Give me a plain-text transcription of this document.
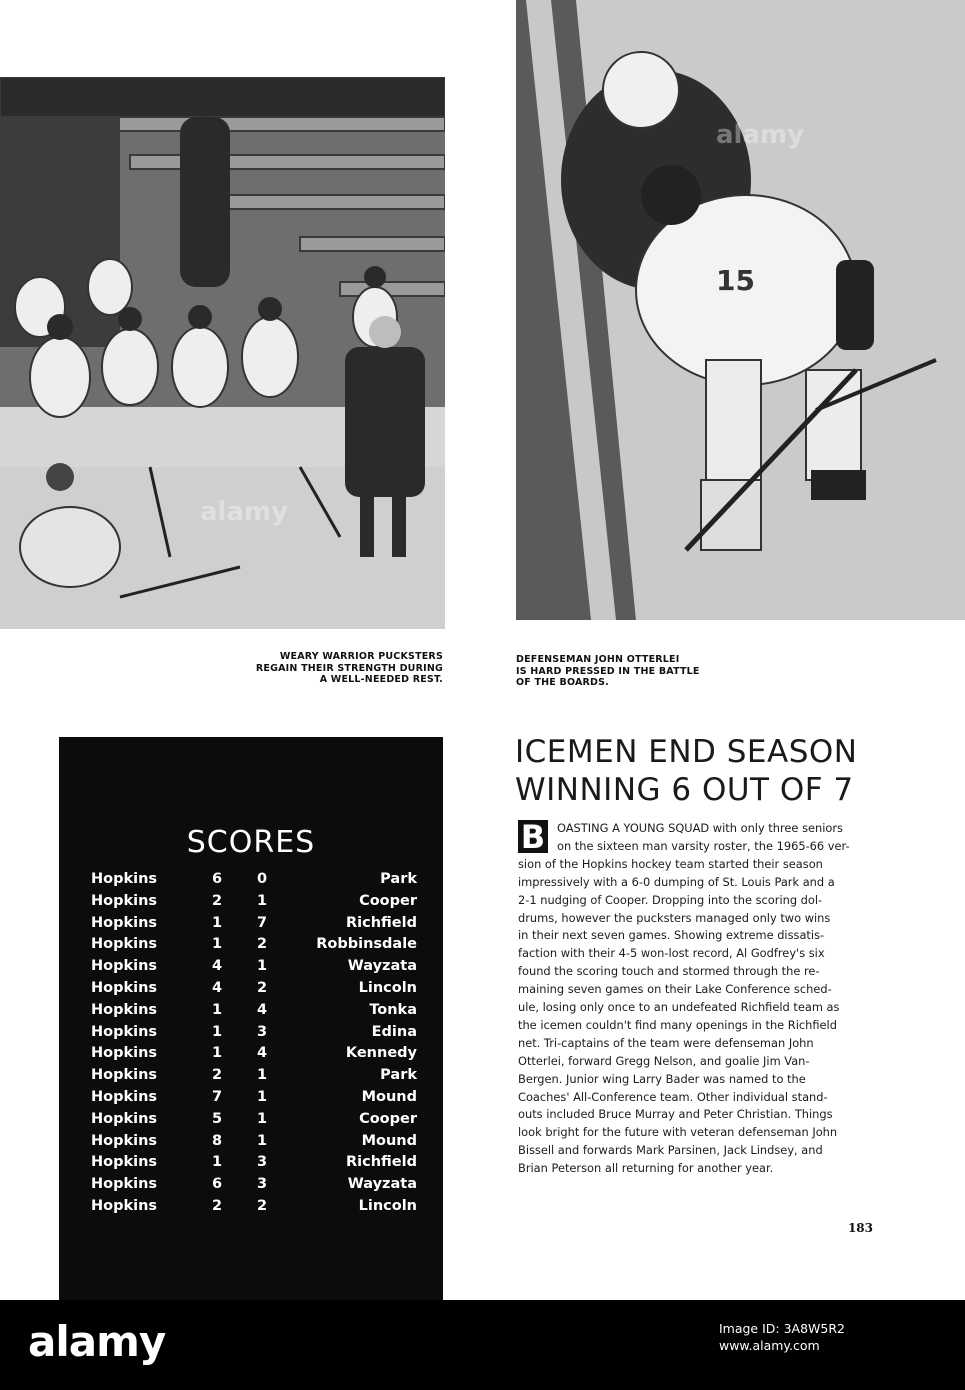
alamy
15
alamy
WEARY WARRIOR PUCKSTERS
REGAIN THEIR STRENGTH DURING
A WELL-NEEDED REST.
DEFENSEMAN JOHN OTTERLEI
IS HARD PRESSED IN THE BATTLE
OF THE BOARDS.
SCORES
Hopkins	6 0	Park
Hopkins	2 1	Cooper
Hopkins	1 7	Richfield
Hopkins	1 2	Robbinsdale
Hopkins	4 1	Wayzata
Hopkins	4 2	Lincoln
Hopkins	1 4	Tonka
Hopkins	1 3	Edina
Hopkins	1 4	Kennedy
Hopkins	2 1	Park
Hopkins	7 1	Mound
Hopkins	5 1	Cooper
Hopkins	8 1	Mound
Hopkins	1 3	Richfield
Hopkins	6 3	Wayzata
Hopkins	2 2	Lincoln
ICEMEN END SEASON
WINNING 6 OUT OF 7
B OASTING A YOUNG SQUAD with only three seniors
on the sixteen man varsity roster, the 1965-66 ver-
sion of the Hopkins hockey team started their season
impressively with a 6-0 dumping of St. Louis Park and a
2-1 nudging of Cooper. Dropping into the scoring dol-
drums, however the pucksters managed only two wins
in their next seven games. Showing extreme dissatis-
faction with their 4-5 won-lost record, Al Godfrey's six
found the scoring touch and stormed through the re-
maining seven games on their Lake Conference sched-
ule, losing only once to an undefeated Richfield team as
the icemen couldn't find many openings in the Richfield
net. Tri-captains of the team were defenseman John
Otterlei, forward Gregg Nelson, and goalie Jim Van-
Bergen. Junior wing Larry Bader was named to the
Coaches' All-Conference team. Other individual stand-
outs included Bruce Murray and Peter Christian. Things
look bright for the future with veteran defenseman John
Bissell and forwards Mark Parsinen, Jack Lindsey, and
Brian Peterson all returning for another year.
183
alamy	Image ID: 3A8W5R2
www.alamy.com
